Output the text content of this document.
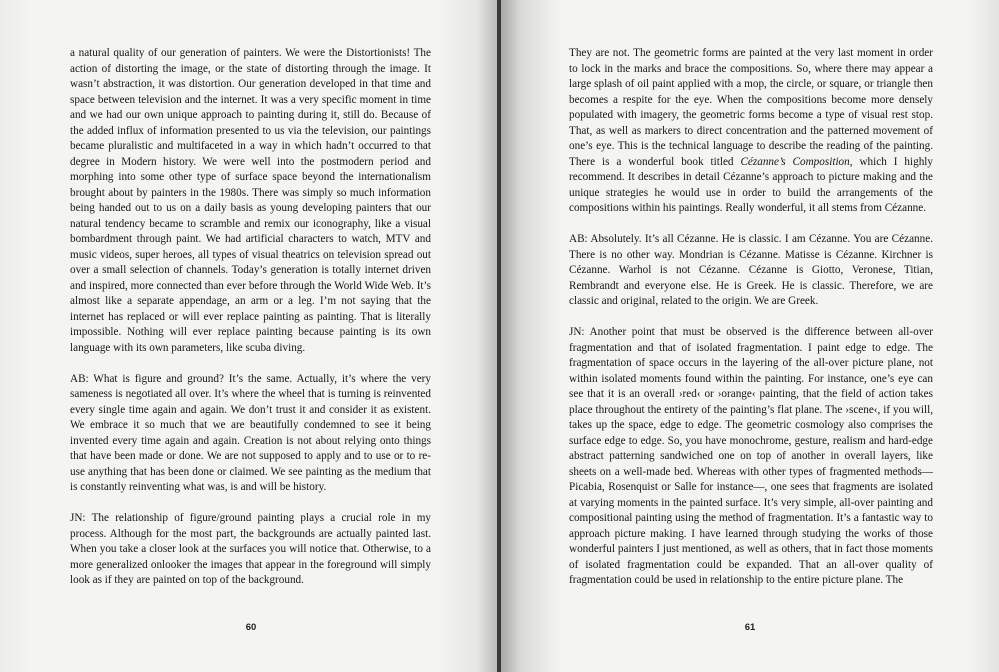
a natural quality of our generation of painters. We were the Distortionists! The action of distorting the image, or the state of distorting through the image. It wasn’t abstraction, it was distortion. Our generation developed in that time and space between television and the internet. It was a very specific moment in time and we had our own unique approach to painting during it, still do. Because of the added influx of information presented to us via the television, our paintings became pluralistic and multifaceted in a way in which hadn’t occurred to that degree in Modern history. We were well into the postmodern period and morphing into some other type of surface space beyond the internationalism brought about by painters in the 1980s. There was simply so much information being handed out to us on a daily basis as young developing painters that our natural tendency became to scramble and remix our iconography, like a visual bombardment through paint. We had artificial characters to watch, MTV and music videos, super heroes, all types of visual theatrics on television spread out over a small selection of channels. Today’s generation is totally internet driven and inspired, more connected than ever before through the World Wide Web. It’s almost like a separate appendage, an arm or a leg. I’m not saying that the internet has replaced or will ever replace painting as painting. That is literally impossible. Nothing will ever replace painting because painting is its own language with its own parameters, like scuba diving.

AB: What is figure and ground? It’s the same. Actually, it’s where the very sameness is negotiated all over. It’s where the wheel that is turning is reinvented every single time again and again. We don’t trust it and consider it as existent. We embrace it so much that we are beautifully condemned to see it being invented every time again and again. Creation is not about relying onto things that have been made or done. We are not supposed to apply and to use or to re-use anything that has been done or claimed. We see painting as the medium that is constantly reinventing what was, is and will be history.

JN: The relationship of figure/ground painting plays a crucial role in my process. Although for the most part, the backgrounds are actually painted last. When you take a closer look at the surfaces you will notice that. Otherwise, to a more generalized onlooker the images that appear in the foreground will simply look as if they are painted on top of the background.

60

They are not. The geometric forms are painted at the very last moment in order to lock in the marks and brace the compositions. So, where there may appear a large splash of oil paint applied with a mop, the circle, or square, or triangle then becomes a respite for the eye. When the compositions become more densely populated with imagery, the geometric forms become a type of visual rest stop. That, as well as markers to direct concentration and the patterned movement of one’s eye. This is the technical language to describe the reading of the painting. There is a wonderful book titled Cézanne’s Composition, which I highly recommend. It describes in detail Cézanne’s approach to picture making and the unique strategies he would use in order to build the arrangements of the compositions within his paintings. Really wonderful, it all stems from Cézanne.

AB: Absolutely. It’s all Cézanne. He is classic. I am Cézanne. You are Cézanne. There is no other way. Mondrian is Cézanne. Matisse is Cézanne. Kirchner is Cézanne. Warhol is not Cézanne. Cézanne is Giotto, Veronese, Titian, Rembrandt and everyone else. He is Greek. He is classic. Therefore, we are classic and original, related to the origin. We are Greek.

JN: Another point that must be observed is the difference between all-over fragmentation and that of isolated fragmentation. I paint edge to edge. The fragmentation of space occurs in the layering of the all-over picture plane, not within isolated moments found within the painting. For instance, one’s eye can see that it is an overall ›red‹ or ›orange‹ painting, that the field of action takes place throughout the entirety of the painting’s flat plane. The ›scene‹, if you will, takes up the space, edge to edge. The geometric cosmology also comprises the surface edge to edge. So, you have monochrome, gesture, realism and hard-edge abstract patterning sandwiched one on top of another in overall layers, like sheets on a well-made bed. Whereas with other types of fragmented methods—Picabia, Rosenquist or Salle for instance—, one sees that fragments are isolated at varying moments in the painted surface. It’s very simple, all-over painting and compositional painting using the method of fragmentation. It’s a fantastic way to approach picture making. I have learned through studying the works of those wonderful painters I just mentioned, as well as others, that in fact those moments of isolated fragmentation could be expanded. That an all-over quality of fragmentation could be used in relationship to the entire picture plane. The

61
